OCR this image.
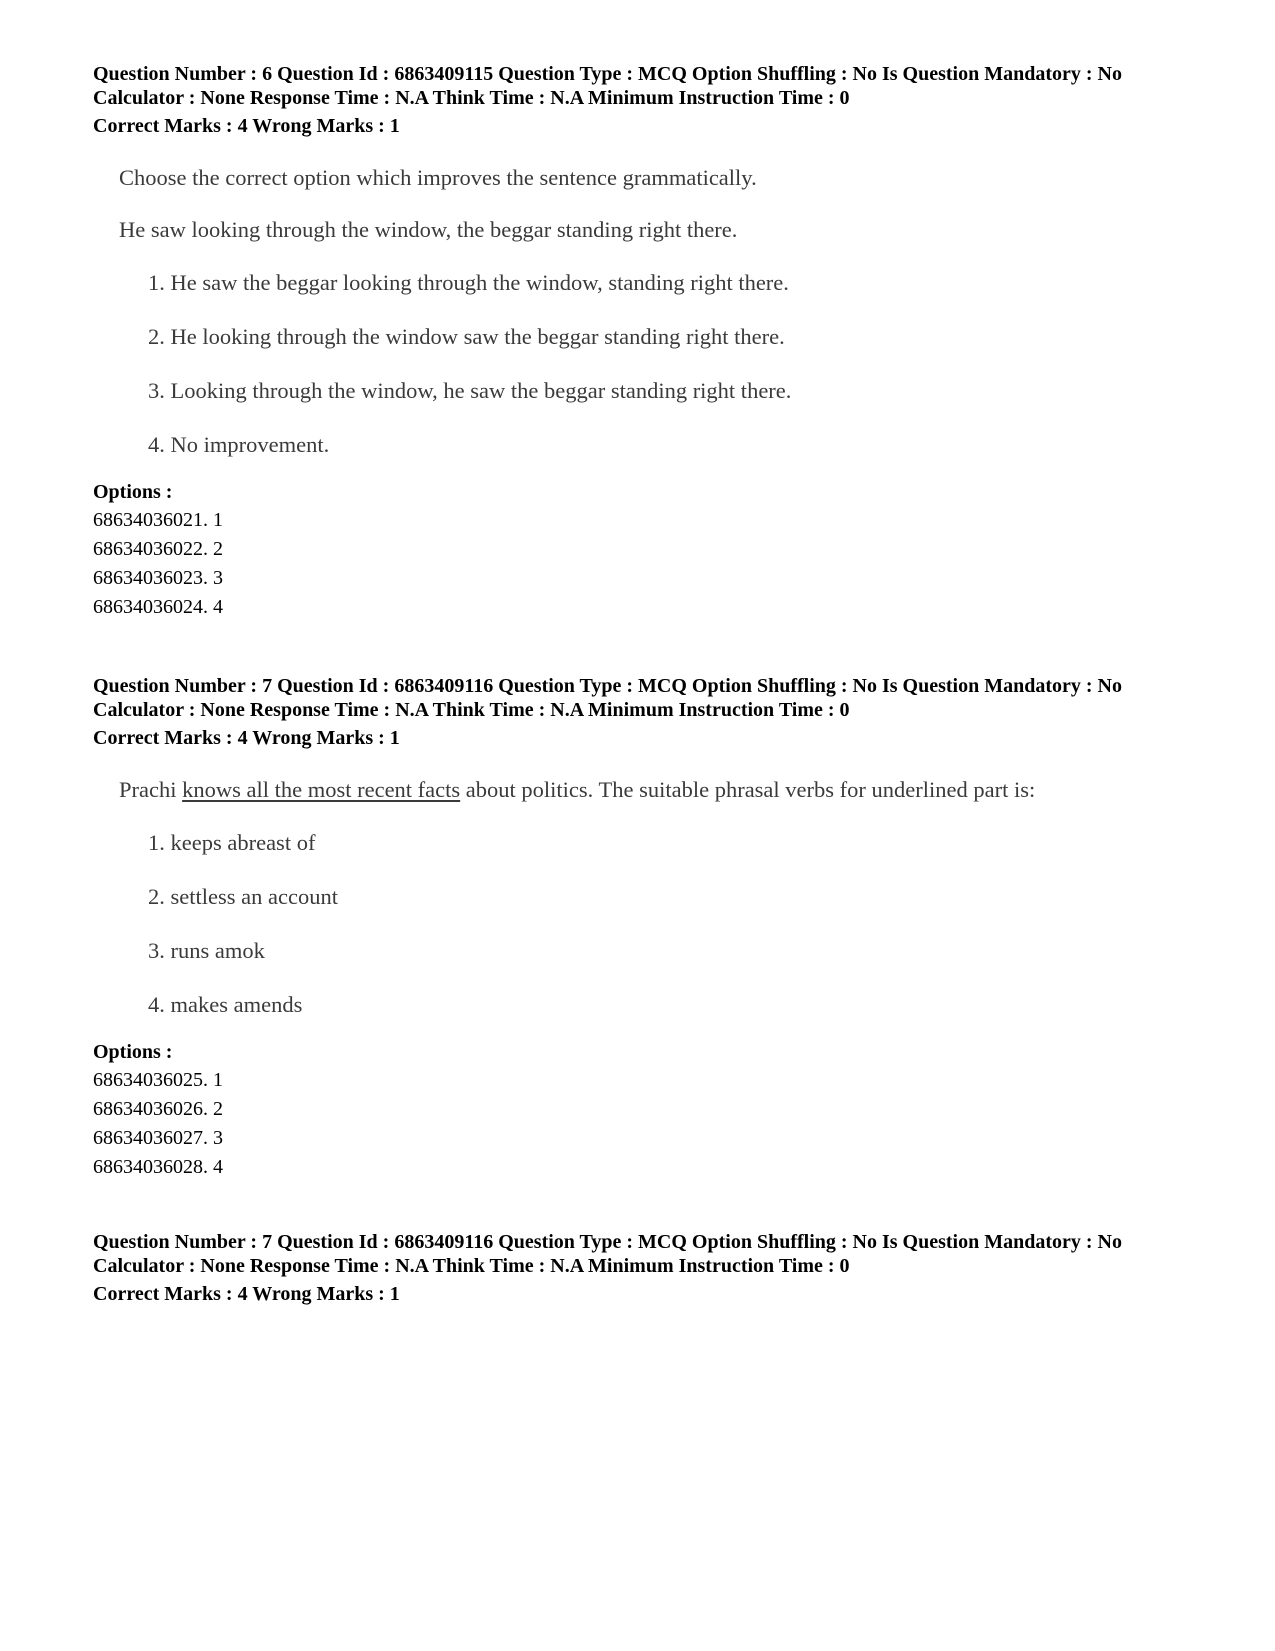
Question Number : 6 Question Id : 6863409115 Question Type : MCQ Option Shuffling : No Is Question Mandatory : No
Calculator : None Response Time : N.A Think Time : N.A Minimum Instruction Time : 0
Correct Marks : 4 Wrong Marks : 1
Choose the correct option which improves the sentence grammatically.
He saw looking through the window, the beggar standing right there.
1. He saw the beggar looking through the window, standing right there.
2. He looking through the window saw the beggar standing right there.
3. Looking through the window, he saw the beggar standing right there.
4. No improvement.
Options :
68634036021. 1
68634036022. 2
68634036023. 3
68634036024. 4
Question Number : 7 Question Id : 6863409116 Question Type : MCQ Option Shuffling : No Is Question Mandatory : No
Calculator : None Response Time : N.A Think Time : N.A Minimum Instruction Time : 0
Correct Marks : 4 Wrong Marks : 1
Prachi knows all the most recent facts about politics. The suitable phrasal verbs for underlined part is:
1. keeps abreast of
2. settless an account
3. runs amok
4. makes amends
Options :
68634036025. 1
68634036026. 2
68634036027. 3
68634036028. 4
Question Number : 7 Question Id : 6863409116 Question Type : MCQ Option Shuffling : No Is Question Mandatory : No
Calculator : None Response Time : N.A Think Time : N.A Minimum Instruction Time : 0
Correct Marks : 4 Wrong Marks : 1
